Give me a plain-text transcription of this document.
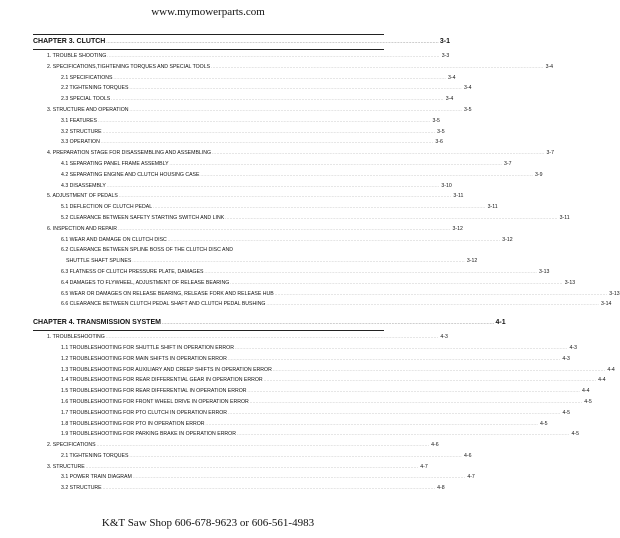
www.mymowerparts.com
CHAPTER 3. CLUTCH ............................................................................................................................................................................................................................ 3-1
1. TROUBLE SHOOTING ............................................................................................................................................................................................................................ 3-3
2. SPECIFICATIONS,TIGHTENING TORQUES AND SPECIAL TOOLS ............................................................................................................................................................................................................................ 3-4
2.1 SPECIFICATIONS ............................................................................................................................................................................................................................ 3-4
2.2 TIGHTENING TORQUES ............................................................................................................................................................................................................................ 3-4
2.3 SPECIAL TOOLS ............................................................................................................................................................................................................................ 3-4
3. STRUCTURE AND OPERATION ............................................................................................................................................................................................................................ 3-5
3.1 FEATURES ............................................................................................................................................................................................................................ 3-5
3.2 STRUCTURE ............................................................................................................................................................................................................................ 3-5
3.3 OPERATION ............................................................................................................................................................................................................................ 3-6
4. PREPARATION STAGE FOR DISASSEMBLING AND ASSEMBLING ............................................................................................................................................................................................................................ 3-7
4.1 SEPARATING PANEL FRAME ASSEMBLY ............................................................................................................................................................................................................................ 3-7
4.2 SEPARATING ENGINE AND CLUTCH HOUSING CASE ............................................................................................................................................................................................................................ 3-9
4.3 DISASSEMBLY ............................................................................................................................................................................................................................ 3-10
5. ADJUSTMENT OF PEDALS ............................................................................................................................................................................................................................ 3-11
5.1 DEFLECTION OF CLUTCH PEDAL ............................................................................................................................................................................................................................ 3-11
5.2 CLEARANCE BETWEEN SAFETY STARTING SWITCH AND LINK ............................................................................................................................................................................................................................ 3-11
6. INSPECTION AND REPAIR ............................................................................................................................................................................................................................ 3-12
6.1 WEAR AND DAMAGE ON CLUTCH DISC ............................................................................................................................................................................................................................ 3-12
6.2 CLEARANCE BETWEEN SPLINE BOSS OF THE CLUTCH DISC AND
SHUTTLE SHAFT SPLINES ............................................................................................................................................................................................................................ 3-12
6.3 FLATNESS OF CLUTCH PRESSURE PLATE, DAMAGES ............................................................................................................................................................................................................................ 3-13
6.4 DAMAGES TO FLYWHEEL, ADJUSTMENT OF RELEASE BEARING ............................................................................................................................................................................................................................ 3-13
6.5 WEAR OR DAMAGES ON RELEASE BEARING, RELEASE FORK AND RELEASE HUB ............................................................................................................................................................................................................................ 3-13
6.6 CLEARANCE BETWEEN CLUTCH PEDAL SHAFT AND CLUTCH PEDAL BUSHING ............................................................................................................................................................................................................................ 3-14
CHAPTER 4. TRANSMISSION SYSTEM ............................................................................................................................................................................................................................ 4-1
1. TROUBLESHOOTING ............................................................................................................................................................................................................................ 4-3
1.1 TROUBLESHOOTING FOR SHUTTLE SHIFT IN OPERATION ERROR ............................................................................................................................................................................................................................ 4-3
1.2 TROUBLESHOOTING FOR MAIN SHIFTS IN OPERATION ERROR ............................................................................................................................................................................................................................ 4-3
1.3 TROUBLESHOOTING FOR AUXILIARY AND CREEP SHIFTS IN OPERATION ERROR ............................................................................................................................................................................................................................ 4-4
1.4 TROUBLESHOOTING FOR REAR DIFFERENTIAL GEAR IN OPERATION ERROR ............................................................................................................................................................................................................................ 4-4
1.5 TROUBLESHOOTING FOR REAR DIFFERENTIAL IN OPERATION ERROR ............................................................................................................................................................................................................................ 4-4
1.6 TROUBLESHOOTING FOR FRONT WHEEL DRIVE IN OPERATION ERROR ............................................................................................................................................................................................................................ 4-5
1.7 TROUBLESHOOTING FOR PTO CLUTCH IN OPERATION ERROR ............................................................................................................................................................................................................................ 4-5
1.8 TROUBLESHOOTING FOR PTO IN OPERATION ERROR ............................................................................................................................................................................................................................ 4-5
1.9 TROUBLESHOOTING FOR PARKING BRAKE IN OPERATION ERROR ............................................................................................................................................................................................................................ 4-5
2. SPECIFICATIONS ............................................................................................................................................................................................................................ 4-6
2.1 TIGHTENING TORQUES ............................................................................................................................................................................................................................ 4-6
3. STRUCTURE ............................................................................................................................................................................................................................ 4-7
3.1 POWER TRAIN DIAGRAM ............................................................................................................................................................................................................................ 4-7
3.2 STRUCTURE ............................................................................................................................................................................................................................ 4-8
K&T Saw Shop 606-678-9623 or 606-561-4983
